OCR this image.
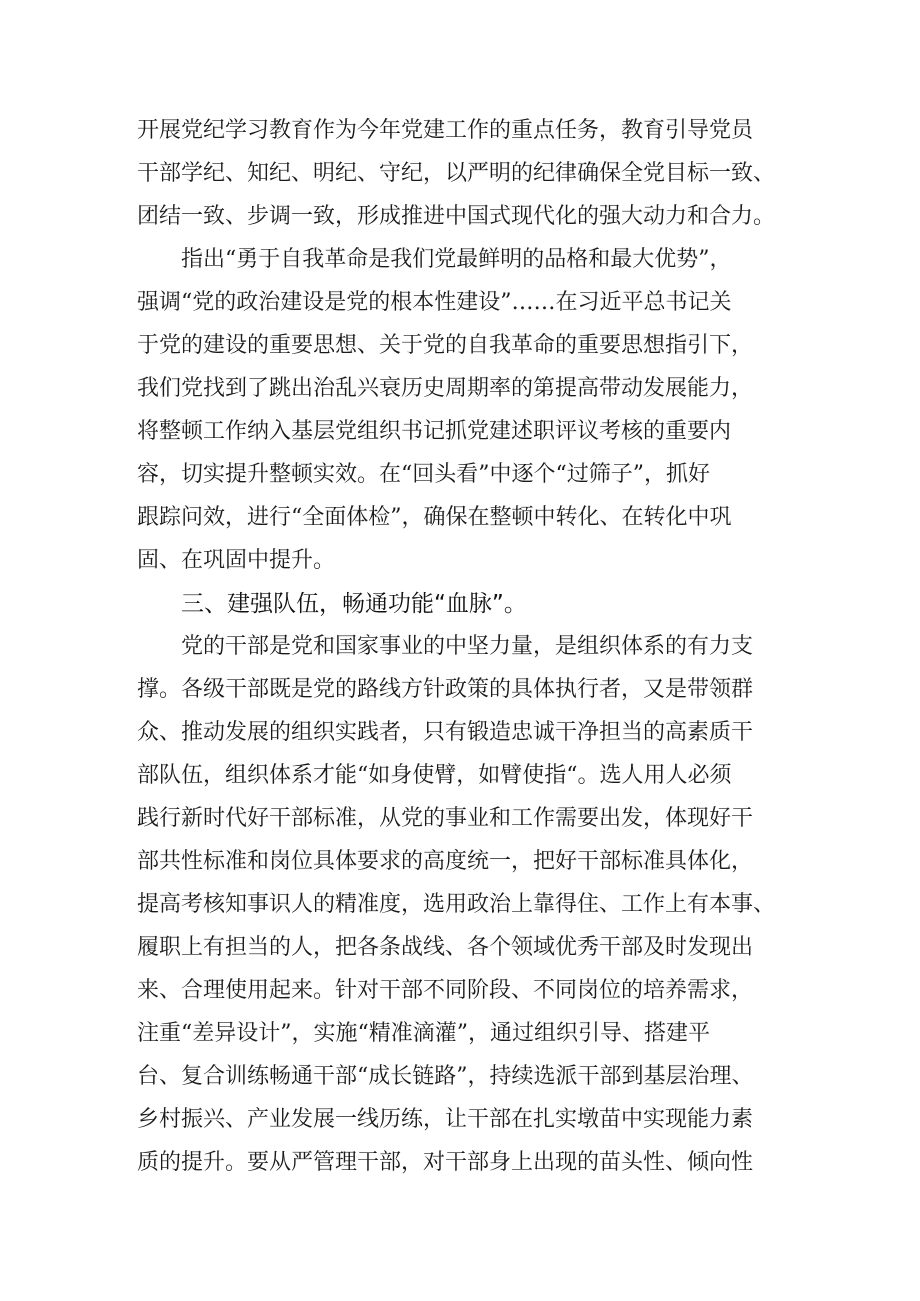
开展党纪学习教育作为今年党建工作的重点任务，教育引导党员
干部学纪、知纪、明纪、守纪，以严明的纪律确保全党目标一致、
团结一致、步调一致，形成推进中国式现代化的强大动力和合力。
指出“勇于自我革命是我们党最鲜明的品格和最大优势”，
强调“党的政治建设是党的根本性建设”……在习近平总书记关
于党的建设的重要思想、关于党的自我革命的重要思想指引下，
我们党找到了跳出治乱兴衰历史周期率的第提高带动发展能力，
将整顿工作纳入基层党组织书记抓党建述职评议考核的重要内
容，切实提升整顿实效。在“回头看”中逐个“过筛子”，抓好
跟踪问效，进行“全面体检”，确保在整顿中转化、在转化中巩
固、在巩固中提升。
三、建强队伍，畅通功能“血脉”。
党的干部是党和国家事业的中坚力量，是组织体系的有力支
撑。各级干部既是党的路线方针政策的具体执行者，又是带领群
众、推动发展的组织实践者，只有锻造忠诚干净担当的高素质干
部队伍，组织体系才能“如身使臂，如臂使指“。选人用人必须
践行新时代好干部标准，从党的事业和工作需要出发，体现好干
部共性标准和岗位具体要求的高度统一，把好干部标准具体化，
提高考核知事识人的精准度，选用政治上靠得住、工作上有本事、
履职上有担当的人，把各条战线、各个领域优秀干部及时发现出
来、合理使用起来。针对干部不同阶段、不同岗位的培养需求，
注重“差异设计”，实施“精准滴灌”，通过组织引导、搭建平
台、复合训练畅通干部“成长链路”，持续选派干部到基层治理、
乡村振兴、产业发展一线历练，让干部在扎实墩苗中实现能力素
质的提升。要从严管理干部，对干部身上出现的苗头性、倾向性
